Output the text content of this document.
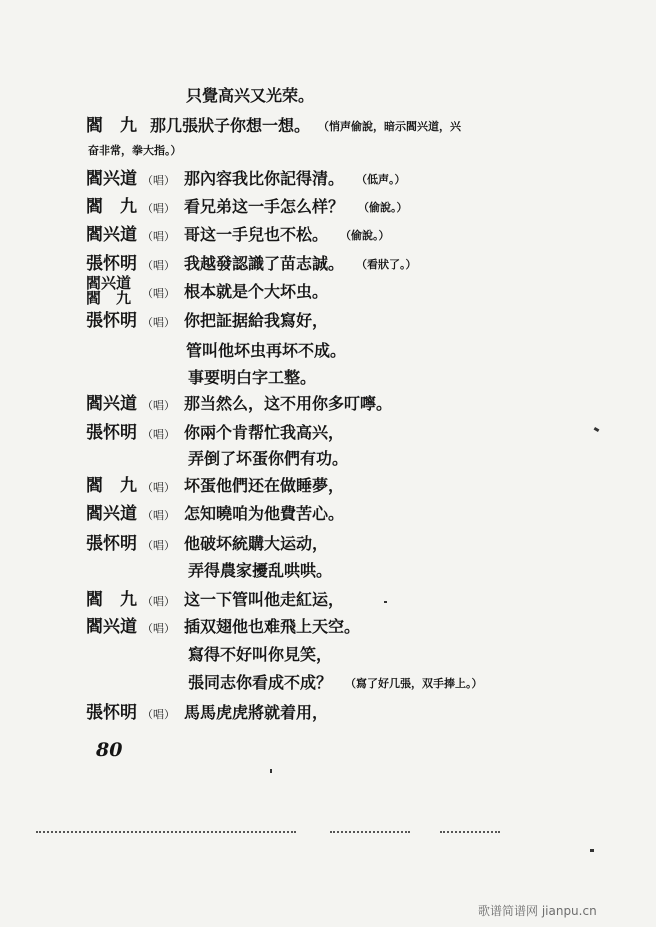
只覺高兴又光荣。
閻　九 那几張狀子你想一想。 （悄声偷說，暗示閻兴道，兴
奋非常，拳大指。）
閻兴道 （唱） 那內容我比你記得清。 （低声。）
閻　九 （唱） 看兄弟这一手怎么样？ （偷說。）
閻兴道 （唱） 哥这一手兒也不松。 （偷說。）
張怀明 （唱） 我越發認識了苗志誠。 （看狀了。）
閻兴道
閻　九 （唱） 根本就是个大坏虫。
張怀明 （唱） 你把証据給我寫好，
管叫他坏虫再坏不成。
事要明白字工整。
閻兴道 （唱） 那当然么，这不用你多叮嚀。
張怀明 （唱） 你兩个肯帮忙我高兴，
弄倒了坏蛋你們有功。
閻　九 （唱） 坏蛋他們还在做睡夢，
閻兴道 （唱） 怎知曉咱为他費苦心。
張怀明 （唱） 他破坏統購大运动，
弄得農家擾乱哄哄。
閻　九 （唱） 这一下管叫他走紅运，
閻兴道 （唱） 插双翅他也难飛上天空。
寫得不好叫你見笑，
張同志你看成不成？ （寫了好几張，双手捧上。）
張怀明 （唱） 馬馬虎虎將就着用，
80
歌谱简谱网 jianpu.cn
